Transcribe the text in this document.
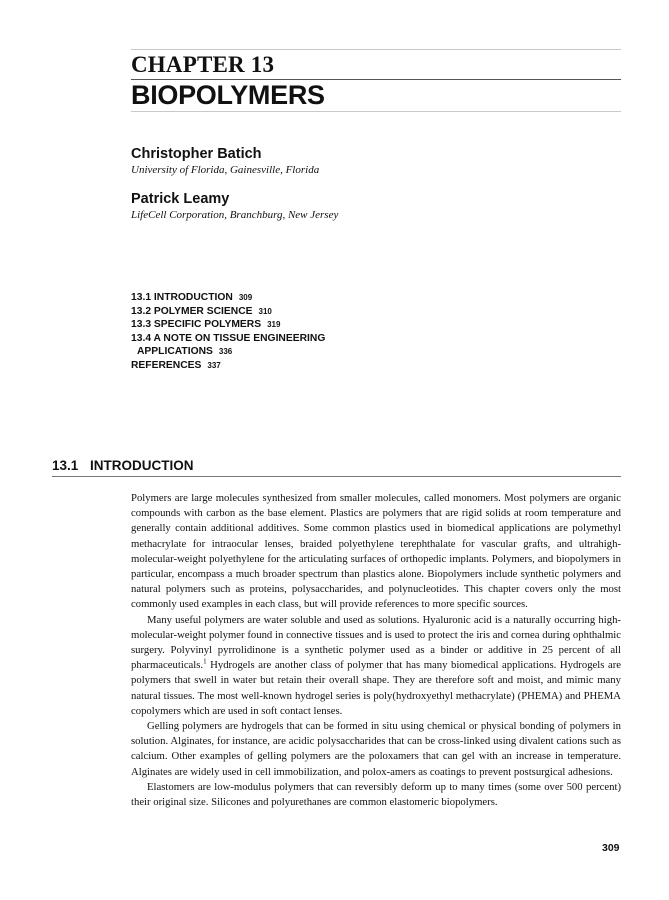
CHAPTER 13
BIOPOLYMERS
Christopher Batich
University of Florida, Gainesville, Florida
Patrick Leamy
LifeCell Corporation, Branchburg, New Jersey
13.1 INTRODUCTION 309
13.2 POLYMER SCIENCE 310
13.3 SPECIFIC POLYMERS 319
13.4 A NOTE ON TISSUE ENGINEERING
APPLICATIONS 336
REFERENCES 337
13.1 INTRODUCTION

Polymers are large molecules synthesized from smaller molecules, called monomers. Most polymers are organic compounds with carbon as the base element. Plastics are polymers that are rigid solids at room temperature and generally contain additional additives. Some common plastics used in biomedical applications are polymethyl methacrylate for intraocular lenses, braided polyethylene terephthalate for vascular grafts, and ultrahigh-molecular-weight polyethylene for the articulating surfaces of orthopedic implants. Polymers, and biopolymers in particular, encompass a much broader spectrum than plastics alone. Biopolymers include synthetic polymers and natural polymers such as proteins, polysaccharides, and polynucleotides. This chapter covers only the most commonly used examples in each class, but will provide references to more specific sources.

Many useful polymers are water soluble and used as solutions. Hyaluronic acid is a naturally occurring high-molecular-weight polymer found in connective tissues and is used to protect the iris and cornea during ophthalmic surgery. Polyvinyl pyrrolidinone is a synthetic polymer used as a binder or additive in 25 percent of all pharmaceuticals.$^1$ Hydrogels are another class of polymer that has many biomedical applications. Hydrogels are polymers that swell in water but retain their overall shape. They are therefore soft and moist, and mimic many natural tissues. The most well-known hydrogel series is poly(hydroxyethyl methacrylate) (PHEMA) and PHEMA copolymers which are used in soft contact lenses.

Gelling polymers are hydrogels that can be formed in situ using chemical or physical bonding of polymers in solution. Alginates, for instance, are acidic polysaccharides that can be cross-linked using divalent cations such as calcium. Other examples of gelling polymers are the poloxamers that can gel with an increase in temperature. Alginates are widely used in cell immobilization, and polox-amers as coatings to prevent postsurgical adhesions.

Elastomers are low-modulus polymers that can reversibly deform up to many times (some over 500 percent) their original size. Silicones and polyurethanes are common elastomeric biopolymers.

309
